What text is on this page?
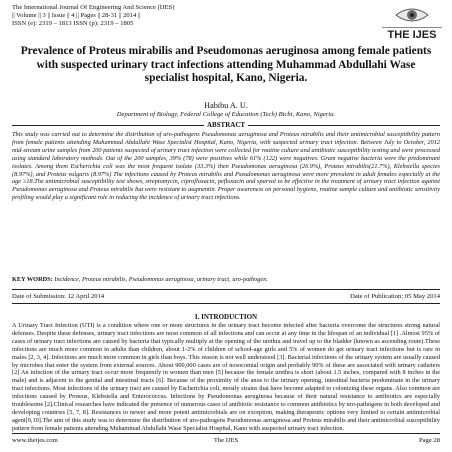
The International Journal Of Engineering And Science (IJES)
|| Volume || 3 || Issue || 4 || Pages || 28-31 || 2014 ||
ISSN (e): 2319 – 1813 ISSN (p): 2319 – 1805
THE IJES
Prevalence of Proteus mirabilis and Pseudomonas aeruginosa among female patients with suspected urinary tract infections attending Muhammad Abdullahi Wase specialist hospital, Kano, Nigeria.
Habibu A. U.
Department of Biology, Federal College of Education (Tech) Bichi, Kano, Nigeria.
ABSTRACT
This study was carried out to determine the distribution of uro-pathogens Pseudomonas aeruginosa and Proteus mirabilis and their antimicrobial susceptibility pattern from female patients attending Muhammad Abdullahi Wase Specialist Hospital, Kano, Nigeria, with suspected urinary tract infection. Between July to October, 2012 mid-stream urine samples from 200 patients suspected of urinary tract infection were collected for routine culture and antibiotic susceptibility testing and were processed using standard laboratory methods. Out of the 200 samples, 39% (78) were positives while 61% (122) were negatives. Gram negative bacteria were the predominant isolates. Among them Escherichia coli was the most frequent isolate (33.3%) then Pseudomonas aeruginosa (26.9%), Proteus mirabilis(21.7%), Klebsiella species (8.97%), and Proteus vulgaris (8.97%) The infections caused by Proteus mirabilis and Pseudomonas aeruginosa were more prevalent in adult females especially at the age ≥18.The antimicrobial susceptibility test shows, streptomycin, ciprofloxacin, pefloxacin and sparval to be effective in the treatment of urinary tract infection against Pseudomonas aeruginosa and Proteus mirabilis but were resistant to augmentin. Proper awareness on personal hygiene, routine sample culture and antibiotic sensitivity profiling would play a significant role in reducing the incidence of urinary tract infections.
KEY WORDS: Incidence, Proteus mirabilis, Pseudomonas aeruginosa, urinary tract, uro-pathogen.
Date of Submission: 12 April 2014	Date of Publication: 05 May 2014
I. INTRODUCTION
A Urinary Tract Infection (UTI) is a condition where one or more structures in the urinary tract become infected after bacteria overcome the structures strong natural defenses. Despite these defenses, urinary tract infections are most common of all infections and can occur at any time in the lifespan of an individual [1] .Almost 95% of cases of urinary tract infections are caused by bacteria that typically multiply at the opening of the urethra and travel up to the bladder (known as ascending route).These infections are much more common in adults than children, about 1-2% of children of school-age girls and 5% of women do get urinary tract infections but is rare in males [2, 3, 4]. Infections are much more common in girls than boys. This reason is not well understood [3]. Bacterial infections of the urinary system are usually caused by microbes that enter the system from external sources. About 900,000 cases are of nosocomial origin and probably 90% of these are associated with urinary catheters [2] An infection of the urinary tract occur more frequently in women than men [5] because the female urethra is short (about 1.5 inches, compared with 8 inches in the male) and is adjacent to the genital and intestinal tracts [6]. Because of the proximity of the anus to the urinary opening, intestinal bacteria predominate in the urinary tract infections. Most infections of the urinary tract are caused by Escherichia coli, mostly strains that have become adapted to colonizing these organs. Also common are infections caused by Proteus, Klebsiella and Enterococcus. Infections by Pseudomonas aeruginosa because of their natural resistance to antibiotics are especially troublesome [2].Clinical researches have indicated the presence of numerous cases of antibiotic resistance to common antibiotics by uro-pathogens in both developed and developing countries [5, 7, 8]. Resistances to newer and more potent antimicrobials are on exception, making therapeutic options very limited to certain antimicrobial agent[9,10].The aim of this study was to determine the distribution of uro-pathogens Pseudomonas aeruginosa and Proteus mirabilis and their antimicrobial susceptibility pattern from female patients attending Muhammad Abdullahi Wase Specialist Hospital, Kano with suspected urinary tract infection.
The IJES
www.theijes.com	Page 28
